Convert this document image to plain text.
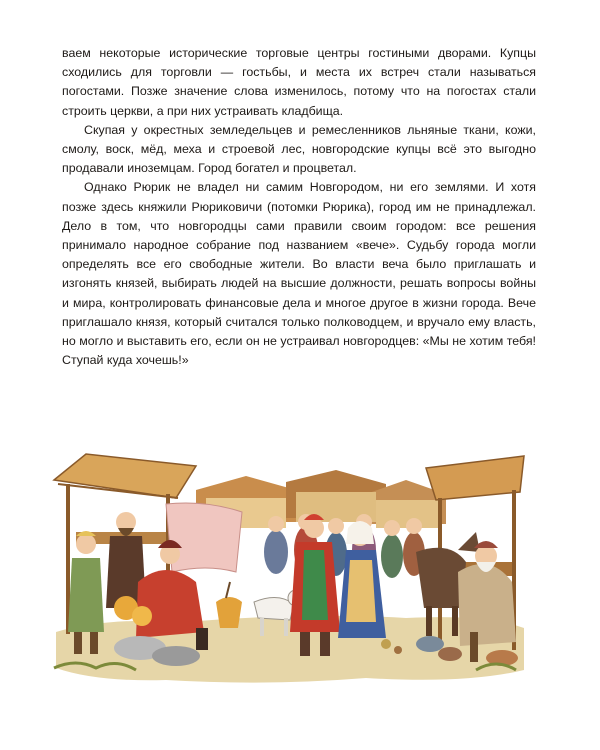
ваем некоторые исторические торговые центры гостиными дворами. Купцы сходились для торговли — гостьбы, и места их встреч стали называться погостами. Позже значение слова изменилось, потому что на погостах стали строить церкви, а при них устраивать кладбища.

Скупая у окрестных земледельцев и ремесленников льняные ткани, кожи, смолу, воск, мёд, меха и строевой лес, новгородские купцы всё это выгодно продавали иноземцам. Город богател и процветал.

Однако Рюрик не владел ни самим Новгородом, ни его землями. И хотя позже здесь княжили Рюриковичи (потомки Рюрика), город им не принадлежал. Дело в том, что новгородцы сами правили своим городом: все решения принимало народное собрание под названием «вече». Судьбу города могли определять все его свободные жители. Во власти веча было приглашать и изгонять князей, выбирать людей на высшие должности, решать вопросы войны и мира, контролировать финансовые дела и многое другое в жизни города. Вече приглашало князя, который считался только полководцем, и вручало ему власть, но могло и выставить его, если он не устраивал новгородцев: «Мы не хотим тебя! Ступай куда хочешь!»
